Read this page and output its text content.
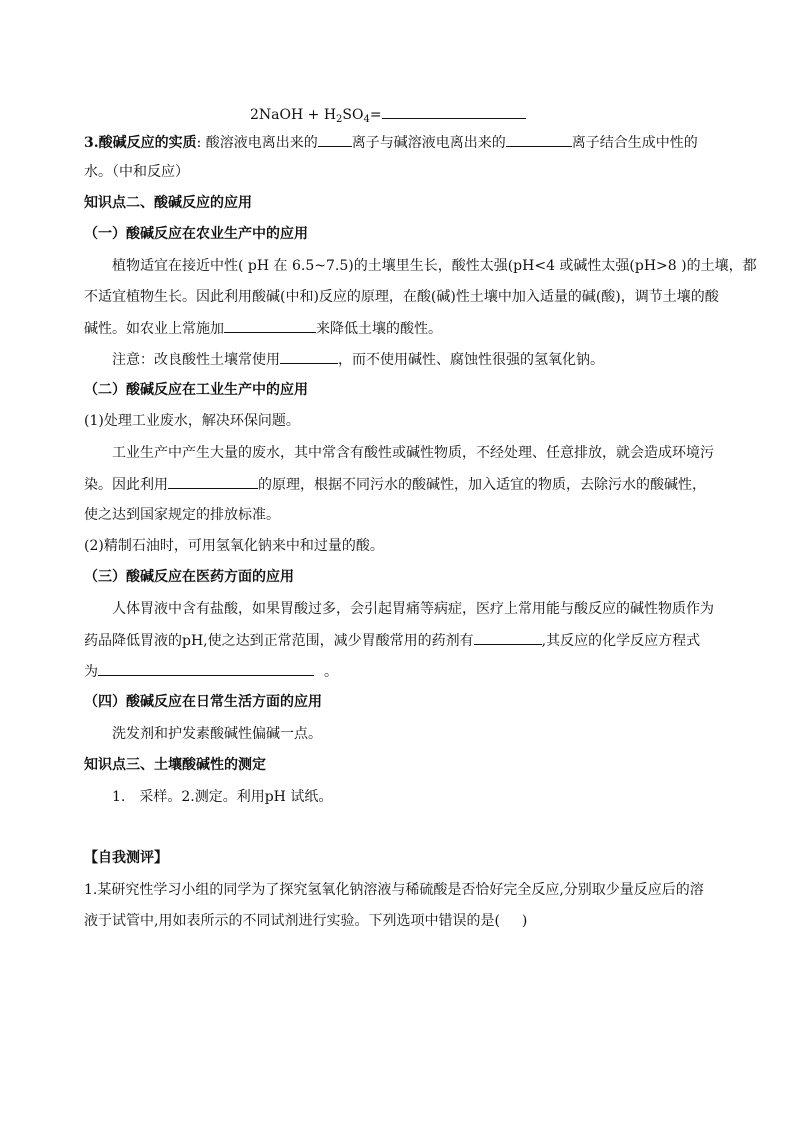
2NaOH + $H_2SO_4=$
3.酸碱反应的实质: 酸溶液电离出来的 离子与碱溶液电离出来的	离子结合生成中性的
水。（中和反应）
知识点二、酸碱反应的应用
（一）酸碱反应在农业生产中的应用
植物适宜在接近中性( pH 在 6.5~7.5)的土壤里生长，酸性太强(pH<4 或碱性太强(pH>8 )的土壤，都
不适宜植物生长。因此利用酸碱(中和)反应的原理，在酸(碱)性土壤中加入适量的碱(酸)，调节土壤的酸
碱性。如农业上常施加	来降低土壤的酸性。
注意：改良酸性土壤常使用	，而不使用碱性、腐蚀性很强的氢氧化钠。
（二）酸碱反应在工业生产中的应用
(1)处理工业废水，解决环保问题。
工业生产中产生大量的废水，其中常含有酸性或碱性物质，不经处理、任意排放，就会造成环境污
染。因此利用	的原理，根据不同污水的酸碱性，加入适宜的物质，去除污水的酸碱性，
使之达到国家规定的排放标准。
(2)精制石油时，可用氢氧化钠来中和过量的酸。
（三）酸碱反应在医药方面的应用
人体胃液中含有盐酸，如果胃酸过多，会引起胃痛等病症，医疗上常用能与酸反应的碱性物质作为
药品降低胃液的pH,使之达到正常范围，减少胃酸常用的药剂有	,其反应的化学反应方程式
为	。
（四）酸碱反应在日常生活方面的应用
洗发剂和护发素酸碱性偏碱一点。
知识点三、土壤酸碱性的测定
1. 采样。2.测定。利用pH 试纸。
【自我测评】
1.某研究性学习小组的同学为了探究氢氧化钠溶液与稀硫酸是否恰好完全反应,分别取少量反应后的溶
液于试管中,用如表所示的不同试剂进行实验。下列选项中错误的是( )
